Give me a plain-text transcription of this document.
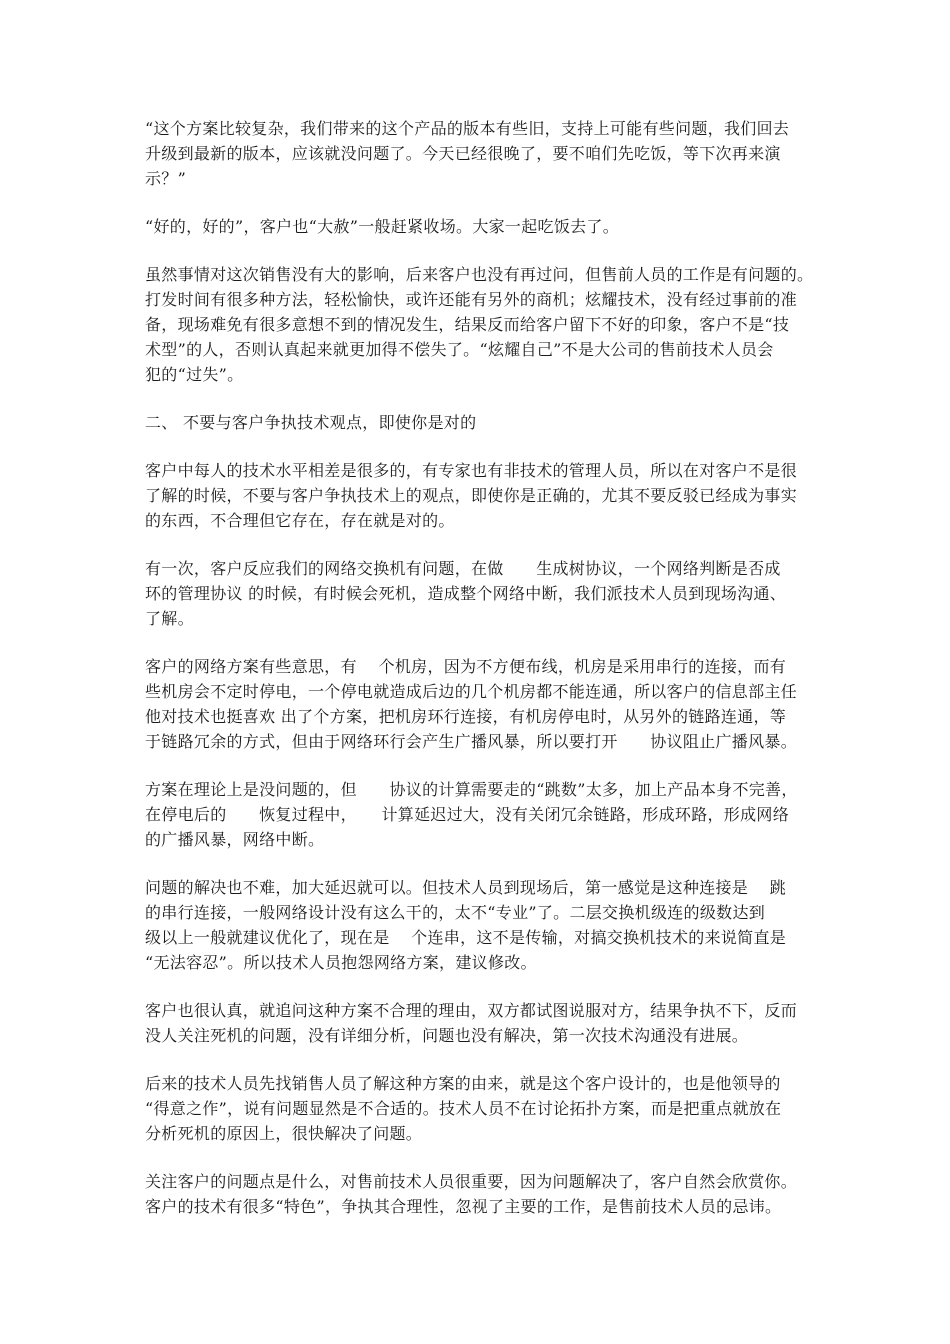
“这个方案比较复杂，我们带来的这个产品的版本有些旧，支持上可能有些问题，我们回去
升级到最新的版本，应该就没问题了。今天已经很晚了，要不咱们先吃饭，等下次再来演
示？”

“好的，好的”，客户也“大赦”一般赶紧收场。大家一起吃饭去了。

虽然事情对这次销售没有大的影响，后来客户也没有再过问，但售前人员的工作是有问题的。
打发时间有很多种方法，轻松愉快，或许还能有另外的商机；炫耀技术，没有经过事前的准
备，现场难免有很多意想不到的情况发生，结果反而给客户留下不好的印象，客户不是“技
术型”的人，否则认真起来就更加得不偿失了。“炫耀自己”不是大公司的售前技术人员会
犯的“过失”。

二、 不要与客户争执技术观点，即使你是对的

客户中每人的技术水平相差是很多的，有专家也有非技术的管理人员，所以在对客户不是很
了解的时候，不要与客户争执技术上的观点，即使你是正确的，尤其不要反驳已经成为事实
的东西，不合理但它存在，存在就是对的。

有一次，客户反应我们的网络交换机有问题，在做　　生成树协议，一个网络判断是否成
环的管理协议 的时候，有时候会死机，造成整个网络中断，我们派技术人员到现场沟通、
了解。

客户的网络方案有些意思，有　 个机房，因为不方便布线，机房是采用串行的连接，而有
些机房会不定时停电，一个停电就造成后边的几个机房都不能连通，所以客户的信息部主任
他对技术也挺喜欢 出了个方案，把机房环行连接，有机房停电时，从另外的链路连通，等
于链路冗余的方式，但由于网络环行会产生广播风暴，所以要打开　　协议阻止广播风暴。

方案在理论上是没问题的，但　　协议的计算需要走的“跳数”太多，加上产品本身不完善，
在停电后的　　恢复过程中，　　计算延迟过大，没有关闭冗余链路，形成环路，形成网络
的广播风暴，网络中断。

问题的解决也不难，加大延迟就可以。但技术人员到现场后，第一感觉是这种连接是　 跳
的串行连接，一般网络设计没有这么干的，太不“专业”了。二层交换机级连的级数达到
级以上一般就建议优化了，现在是　 个连串，这不是传输，对搞交换机技术的来说简直是
“无法容忍”。所以技术人员抱怨网络方案，建议修改。

客户也很认真，就追问这种方案不合理的理由，双方都试图说服对方，结果争执不下，反而
没人关注死机的问题，没有详细分析，问题也没有解决，第一次技术沟通没有进展。

后来的技术人员先找销售人员了解这种方案的由来，就是这个客户设计的，也是他领导的
“得意之作”，说有问题显然是不合适的。技术人员不在讨论拓扑方案，而是把重点就放在
分析死机的原因上，很快解决了问题。

关注客户的问题点是什么，对售前技术人员很重要，因为问题解决了，客户自然会欣赏你。
客户的技术有很多“特色”，争执其合理性，忽视了主要的工作，是售前技术人员的忌讳。
